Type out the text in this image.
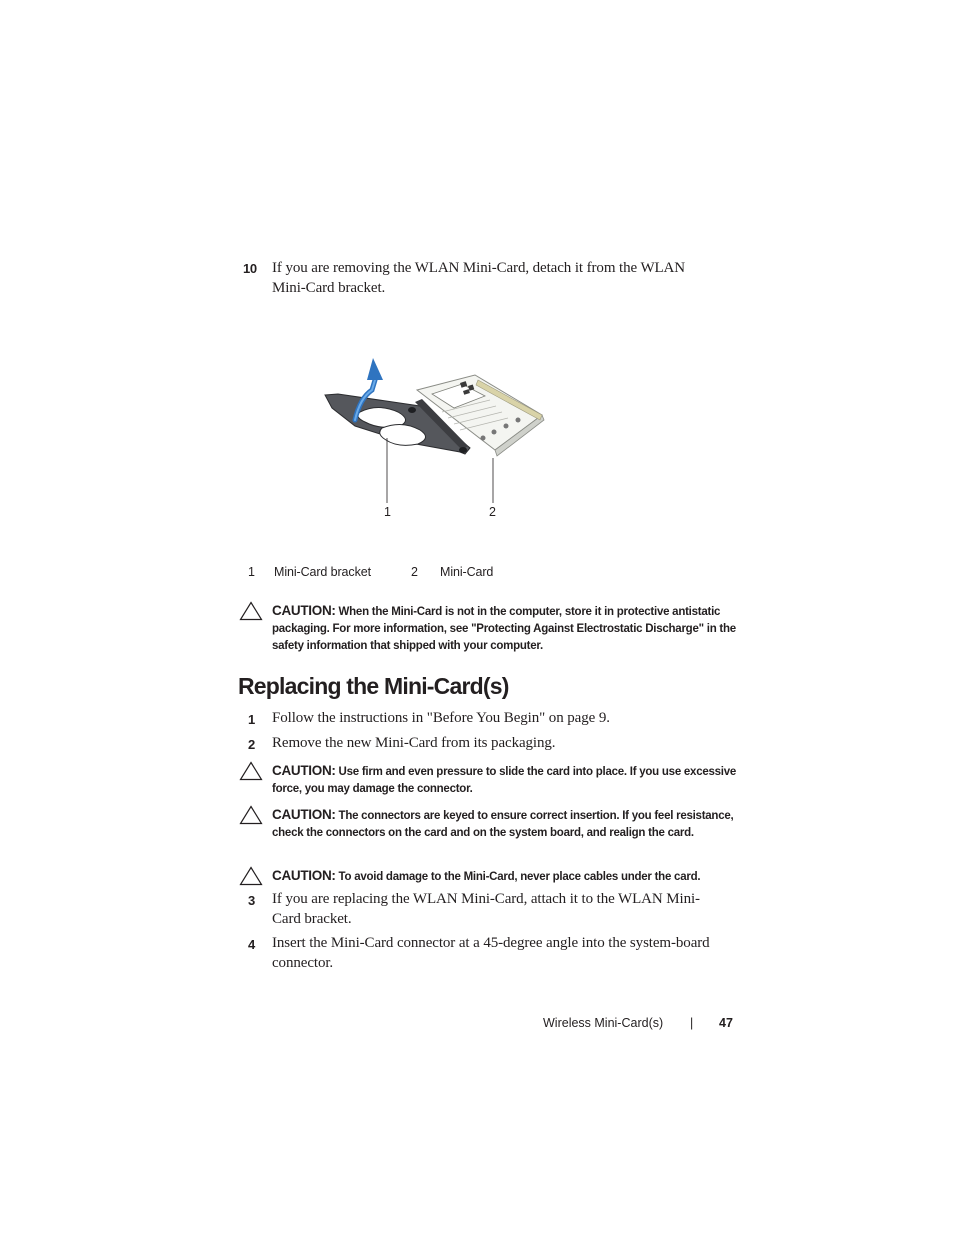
10 If you are removing the WLAN Mini-Card, detach it from the WLAN Mini-Card bracket.
1	2
1 Mini-Card bracket	2 Mini-Card
CAUTION: When the Mini-Card is not in the computer, store it in protective antistatic packaging. For more information, see "Protecting Against Electrostatic Discharge" in the safety information that shipped with your computer.
Replacing the Mini-Card(s)
1 Follow the instructions in "Before You Begin" on page 9.
2 Remove the new Mini-Card from its packaging.
CAUTION: Use firm and even pressure to slide the card into place. If you use excessive force, you may damage the connector.
CAUTION: The connectors are keyed to ensure correct insertion. If you feel resistance, check the connectors on the card and on the system board, and realign the card.
CAUTION: To avoid damage to the Mini-Card, never place cables under the card.
3 If you are replacing the WLAN Mini-Card, attach it to the WLAN Mini-Card bracket.
4 Insert the Mini-Card connector at a 45-degree angle into the system-board connector.
Wireless Mini-Card(s) | 47
